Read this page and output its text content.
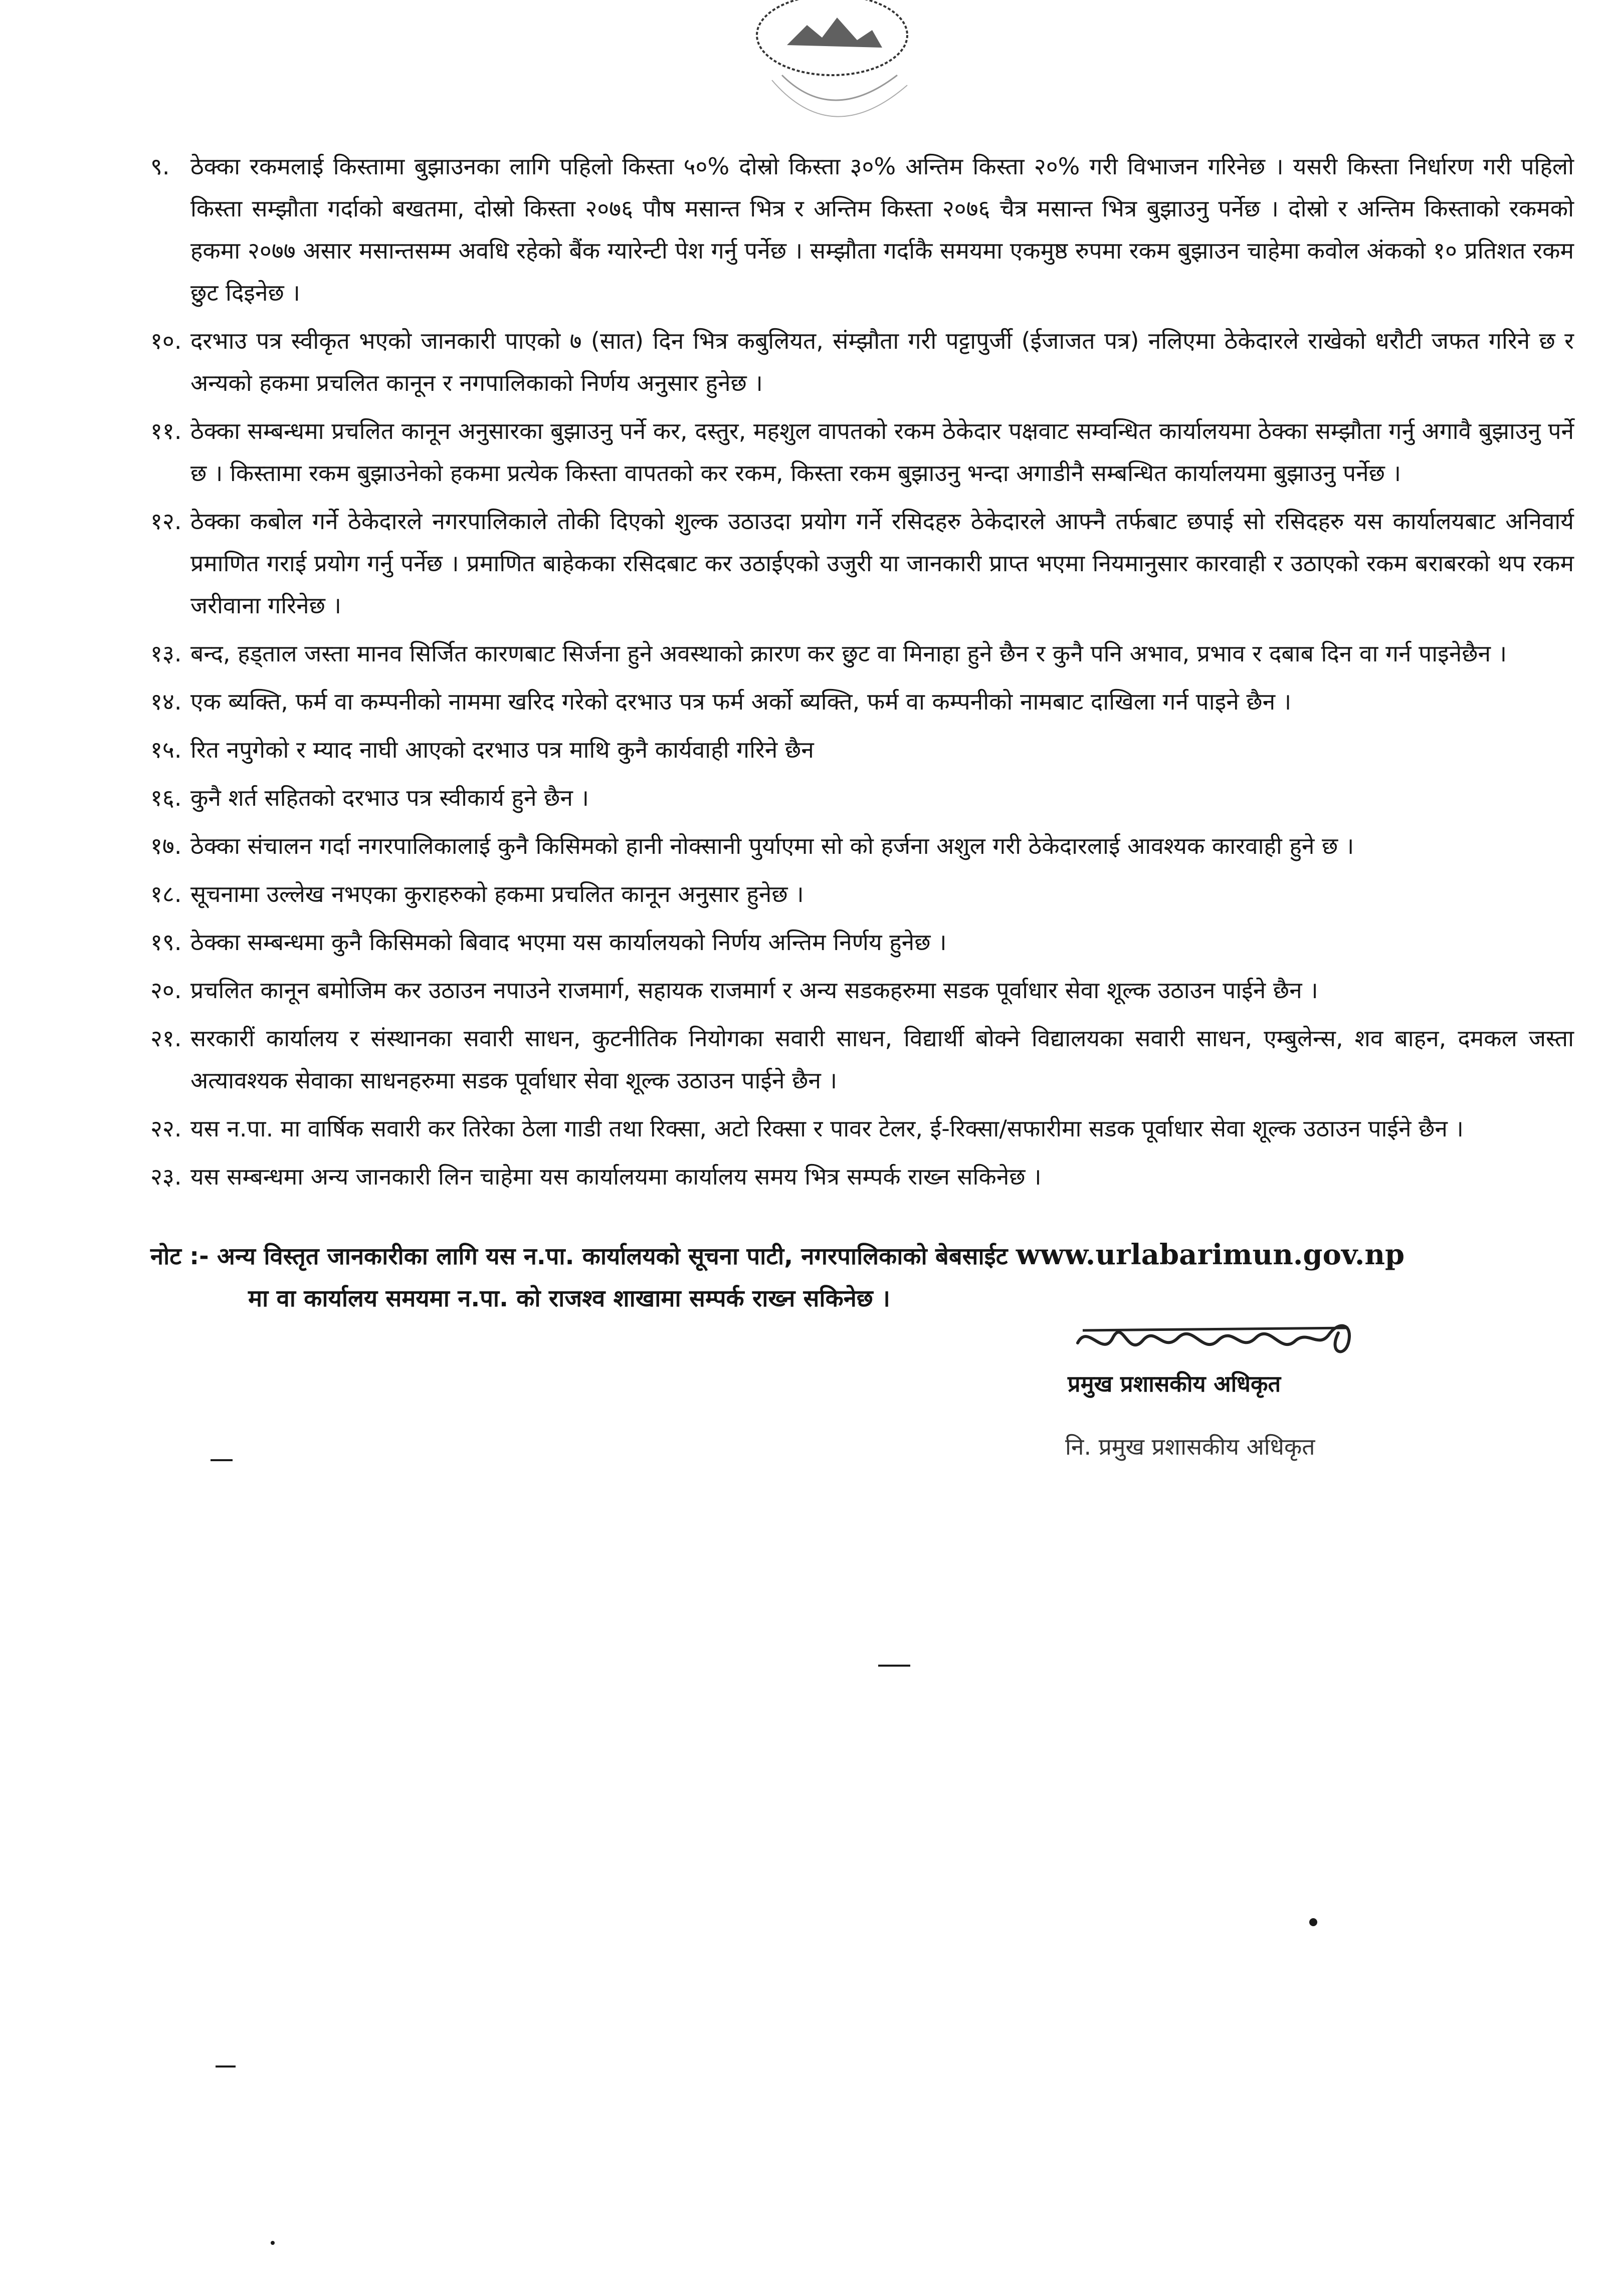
९. ठेक्का रकमलाई किस्तामा बुझाउनका लागि पहिलो किस्ता ५०% दोस्रो किस्ता ३०% अन्तिम किस्ता २०% गरी विभाजन गरिनेछ । यसरी किस्ता निर्धारण गरी पहिलो किस्ता सम्झौता गर्दाको बखतमा, दोस्रो किस्ता २०७६ पौष मसान्त भित्र र अन्तिम किस्ता २०७६ चैत्र मसान्त भित्र बुझाउनु पर्नेछ । दोस्रो र अन्तिम किस्ताको रकमको हकमा २०७७ असार मसान्तसम्म अवधि रहेको बैंक ग्यारेन्टी पेश गर्नु पर्नेछ । सम्झौता गर्दाकै समयमा एकमुष्ठ रुपमा रकम बुझाउन चाहेमा कवोल अंकको १० प्रतिशत रकम छुट दिइनेछ ।
१०. दरभाउ पत्र स्वीकृत भएको जानकारी पाएको ७ (सात) दिन भित्र कबुलियत, संम्झौता गरी पट्टापुर्जी (ईजाजत पत्र) नलिएमा ठेकेदारले राखेको धरौटी जफत गरिने छ र अन्यको हकमा प्रचलित कानून र नगपालिकाको निर्णय अनुसार हुनेछ ।
११. ठेक्का सम्बन्धमा प्रचलित कानून अनुसारका बुझाउनु पर्ने कर, दस्तुर, महशुल वापतको रकम ठेकेदार पक्षवाट सम्वन्धित कार्यालयमा ठेक्का सम्झौता गर्नु अगावै बुझाउनु पर्ने छ । किस्तामा रकम बुझाउनेको हकमा प्रत्येक किस्ता वापतको कर रकम, किस्ता रकम बुझाउनु भन्दा अगाडीनै सम्बन्धित कार्यालयमा बुझाउनु पर्नेछ ।
१२. ठेक्का कबोल गर्ने ठेकेदारले नगरपालिकाले तोकी दिएको शुल्क उठाउदा प्रयोग गर्ने रसिदहरु ठेकेदारले आफ्नै तर्फबाट छपाई सो रसिदहरु यस कार्यालयबाट अनिवार्य प्रमाणित गराई प्रयोग गर्नु पर्नेछ । प्रमाणित बाहेकका रसिदबाट कर उठाईएको उजुरी या जानकारी प्राप्त भएमा नियमानुसार कारवाही र उठाएको रकम बराबरको थप रकम जरीवाना गरिनेछ ।
१३. बन्द, हड्ताल जस्ता मानव सिर्जित कारणबाट सिर्जना हुने अवस्थाको क्रारण कर छुट वा मिनाहा हुने छैन र कुनै पनि अभाव, प्रभाव र दबाब दिन वा गर्न पाइनेछैन ।
१४. एक ब्यक्ति, फर्म वा कम्पनीको नाममा खरिद गरेको दरभाउ पत्र फर्म अर्को ब्यक्ति, फर्म वा कम्पनीको नामबाट दाखिला गर्न पाइने छैन ।
१५. रित नपुगेको र म्याद नाघी आएको दरभाउ पत्र माथि कुनै कार्यवाही गरिने छैन
१६. कुनै शर्त सहितको दरभाउ पत्र स्वीकार्य हुने छैन ।
१७. ठेक्का संचालन गर्दा नगरपालिकालाई कुनै किसिमको हानी नोक्सानी पुर्याएमा सो को हर्जना अशुल गरी ठेकेदारलाई आवश्यक कारवाही हुने छ ।
१८. सूचनामा उल्लेख नभएका कुराहरुको हकमा प्रचलित कानून अनुसार हुनेछ ।
१९. ठेक्का सम्बन्धमा कुनै किसिमको बिवाद भएमा यस कार्यालयको निर्णय अन्तिम निर्णय हुनेछ ।
२०. प्रचलित कानून बमोजिम कर उठाउन नपाउने राजमार्ग, सहायक राजमार्ग र अन्य सडकहरुमा सडक पूर्वाधार सेवा शूल्क उठाउन पाईने छैन ।
२१. सरकारीं कार्यालय र संस्थानका सवारी साधन, कुटनीतिक नियोगका सवारी साधन, विद्यार्थी बोक्ने विद्यालयका सवारी साधन, एम्बुलेन्स, शव बाहन, दमकल जस्ता अत्यावश्यक सेवाका साधनहरुमा सडक पूर्वाधार सेवा शूल्क उठाउन पाईने छैन ।
२२. यस न.पा. मा वार्षिक सवारी कर तिरेका ठेला गाडी तथा रिक्सा, अटो रिक्सा र पावर टेलर, ई-रिक्सा/सफारीमा सडक पूर्वाधार सेवा शूल्क उठाउन पाईने छैन ।
२३. यस सम्बन्धमा अन्य जानकारी लिन चाहेमा यस कार्यालयमा कार्यालय समय भित्र सम्पर्क राख्न सकिनेछ ।
नोट :- अन्य विस्तृत जानकारीका लागि यस न.पा. कार्यालयको सूचना पाटी, नगरपालिकाको बेबसाईट www.urlabarimun.gov.np
मा वा कार्यालय समयमा न.पा. को राजश्व शाखामा सम्पर्क राख्न सकिनेछ ।
प्रमुख प्रशासकीय अधिकृत
नि. प्रमुख प्रशासकीय अधिकृत
